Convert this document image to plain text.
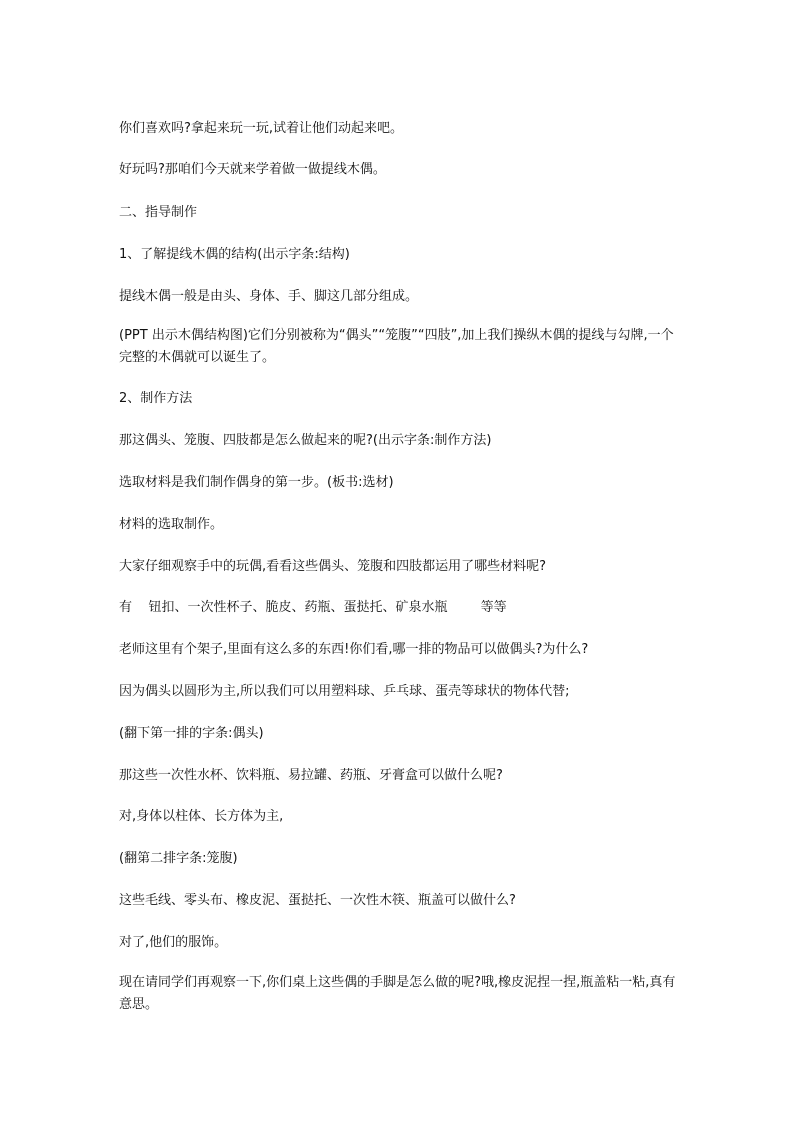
你们喜欢吗?拿起来玩一玩,试着让他们动起来吧。

好玩吗?那咱们今天就来学着做一做提线木偶。

二、指导制作

1、了解提线木偶的结构(出示字条:结构)

提线木偶一般是由头、身体、手、脚这几部分组成。

(PPT 出示木偶结构图)它们分别被称为“偶头”“笼腹”“四肢”,加上我们操纵木偶的提线与勾牌,一个完整的木偶就可以诞生了。

2、制作方法

那这偶头、笼腹、四肢都是怎么做起来的呢?(出示字条:制作方法)

选取材料是我们制作偶身的第一步。(板书:选材)

材料的选取制作。

大家仔细观察手中的玩偶,看看这些偶头、笼腹和四肢都运用了哪些材料呢?

有    钮扣、一次性杯子、脆皮、药瓶、蛋挞托、矿泉水瓶        等等

老师这里有个架子,里面有这么多的东西!你们看,哪一排的物品可以做偶头?为什么?

因为偶头以圆形为主,所以我们可以用塑料球、乒乓球、蛋壳等球状的物体代替;

(翻下第一排的字条:偶头)

那这些一次性水杯、饮料瓶、易拉罐、药瓶、牙膏盒可以做什么呢?

对,身体以柱体、长方体为主,

(翻第二排字条:笼腹)

这些毛线、零头布、橡皮泥、蛋挞托、一次性木筷、瓶盖可以做什么?

对了,他们的服饰。

现在请同学们再观察一下,你们桌上这些偶的手脚是怎么做的呢?哦,橡皮泥捏一捏,瓶盖粘一粘,真有意思。
